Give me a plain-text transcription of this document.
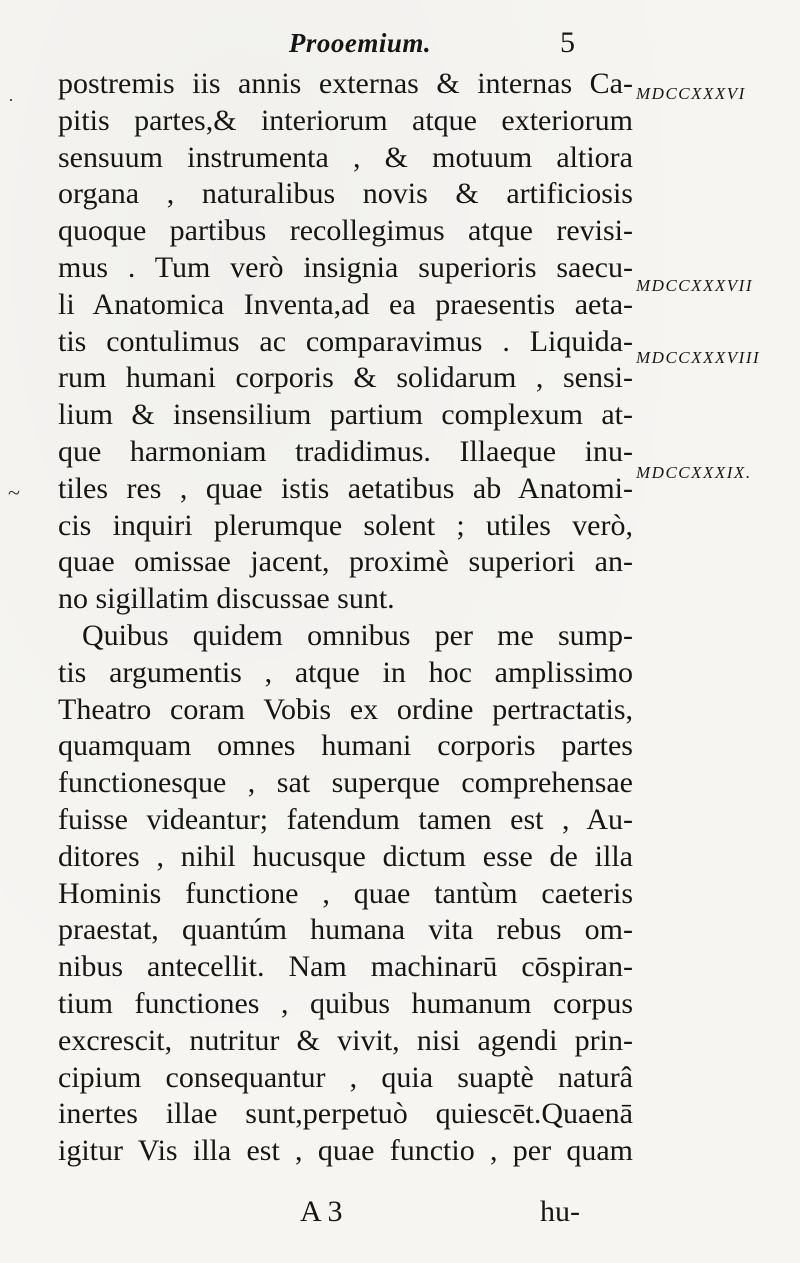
Prooemium.	5
·
~
MDCCXXXVI
MDCCXXXVII
MDCCXXXVIII
MDCCXXXIX.
postremis iis annis externas & internas Ca-
pitis partes,& interiorum atque exteriorum
sensuum instrumenta , & motuum altiora
organa , naturalibus novis & artificiosis
quoque partibus recollegimus atque revisi-
mus . Tum verò insignia superioris saecu-
li Anatomica Inventa,ad ea praesentis aeta-
tis contulimus ac comparavimus . Liquida-
rum humani corporis & solidarum , sensi-
lium & insensilium partium complexum at-
que harmoniam tradidimus. Illaeque inu-
tiles res , quae istis aetatibus ab Anatomi-
cis inquiri plerumque solent ; utiles verò,
quae omissae jacent, proximè superiori an-
no sigillatim discussae sunt.
Quibus quidem omnibus per me sump-
tis argumentis , atque in hoc amplissimo
Theatro coram Vobis ex ordine pertractatis,
quamquam omnes humani corporis partes
functionesque , sat superque comprehensae
fuisse videantur; fatendum tamen est , Au-
ditores , nihil hucusque dictum esse de illa
Hominis functione , quae tantùm caeteris
praestat, quantúm humana vita rebus om-
nibus antecellit. Nam machinarū cōspiran-
tium functiones , quibus humanum corpus
excrescit, nutritur & vivit, nisi agendi prin-
cipium consequantur , quia suaptè naturâ
inertes illae sunt,perpetuò quiescēt.Quaenā
igitur Vis illa est , quae functio , per quam
A 3	hu-
